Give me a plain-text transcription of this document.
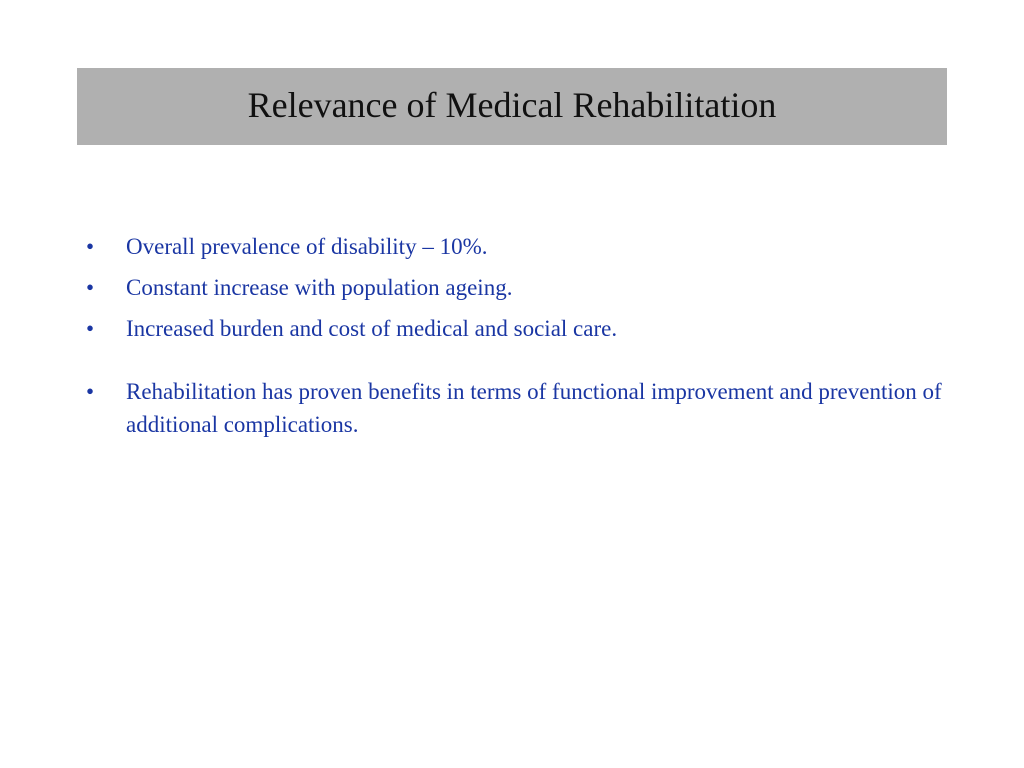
Relevance of Medical Rehabilitation
• Overall prevalence of disability – 10%.
• Constant increase with population ageing.
• Increased burden and cost of medical and social care.
• Rehabilitation has proven benefits in terms of functional improvement and prevention of additional complications.
